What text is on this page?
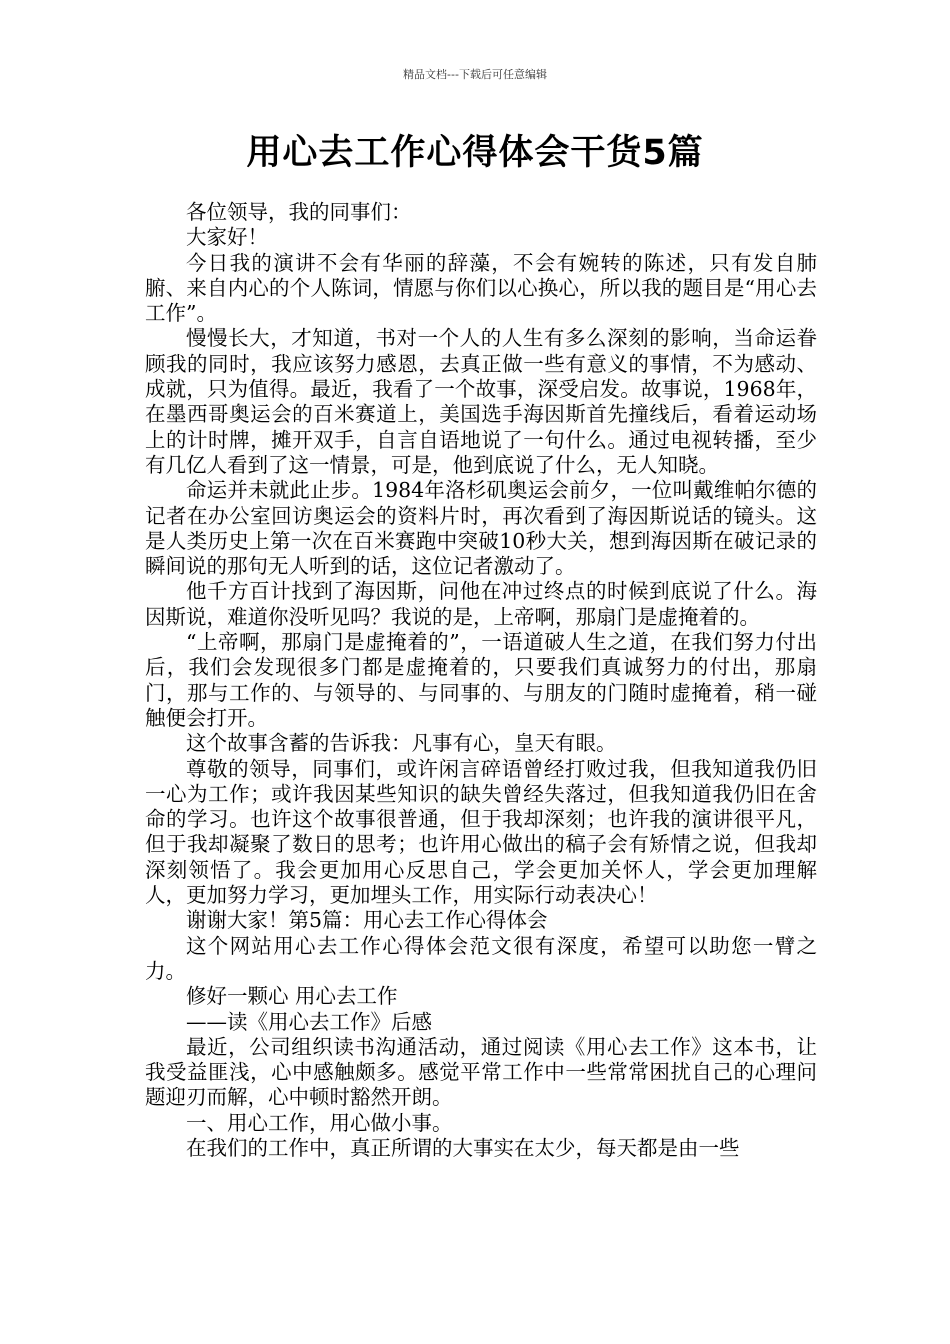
精品文档---下载后可任意编辑
用心去工作心得体会干货5篇

各位领导，我的同事们：

大家好！

今日我的演讲不会有华丽的辞藻，不会有婉转的陈述，只有发自肺腑、来自内心的个人陈词，情愿与你们以心换心，所以我的题目是“用心去工作”。

慢慢长大，才知道，书对一个人的人生有多么深刻的影响，当命运眷顾我的同时，我应该努力感恩，去真正做一些有意义的事情，不为感动、成就，只为值得。最近，我看了一个故事，深受启发。故事说，1968年，在墨西哥奥运会的百米赛道上，美国选手海因斯首先撞线后，看着运动场上的计时牌，摊开双手，自言自语地说了一句什么。通过电视转播，至少有几亿人看到了这一情景，可是，他到底说了什么，无人知晓。

命运并未就此止步。1984年洛杉矶奥运会前夕，一位叫戴维帕尔德的记者在办公室回访奥运会的资料片时，再次看到了海因斯说话的镜头。这是人类历史上第一次在百米赛跑中突破10秒大关，想到海因斯在破记录的瞬间说的那句无人听到的话，这位记者激动了。

他千方百计找到了海因斯，问他在冲过终点的时候到底说了什么。海因斯说，难道你没听见吗？我说的是，上帝啊，那扇门是虚掩着的。

“上帝啊，那扇门是虚掩着的”，一语道破人生之道，在我们努力付出后，我们会发现很多门都是虚掩着的，只要我们真诚努力的付出，那扇门，那与工作的、与领导的、与同事的、与朋友的门随时虚掩着，稍一碰触便会打开。

这个故事含蓄的告诉我：凡事有心，皇天有眼。

尊敬的领导，同事们，或许闲言碎语曾经打败过我，但我知道我仍旧一心为工作；或许我因某些知识的缺失曾经失落过，但我知道我仍旧在舍命的学习。也许这个故事很普通，但于我却深刻；也许我的演讲很平凡，但于我却凝聚了数日的思考；也许用心做出的稿子会有矫情之说，但我却深刻领悟了。我会更加用心反思自己，学会更加关怀人，学会更加理解人，更加努力学习，更加埋头工作，用实际行动表决心！

谢谢大家！第5篇：用心去工作心得体会

这个网站用心去工作心得体会范文很有深度，希望可以助您一臂之力。

修好一颗心 用心去工作

——读《用心去工作》后感

最近，公司组织读书沟通活动，通过阅读《用心去工作》这本书，让我受益匪浅，心中感触颇多。感觉平常工作中一些常常困扰自己的心理问题迎刃而解，心中顿时豁然开朗。

一、用心工作，用心做小事。

在我们的工作中，真正所谓的大事实在太少，每天都是由一些
